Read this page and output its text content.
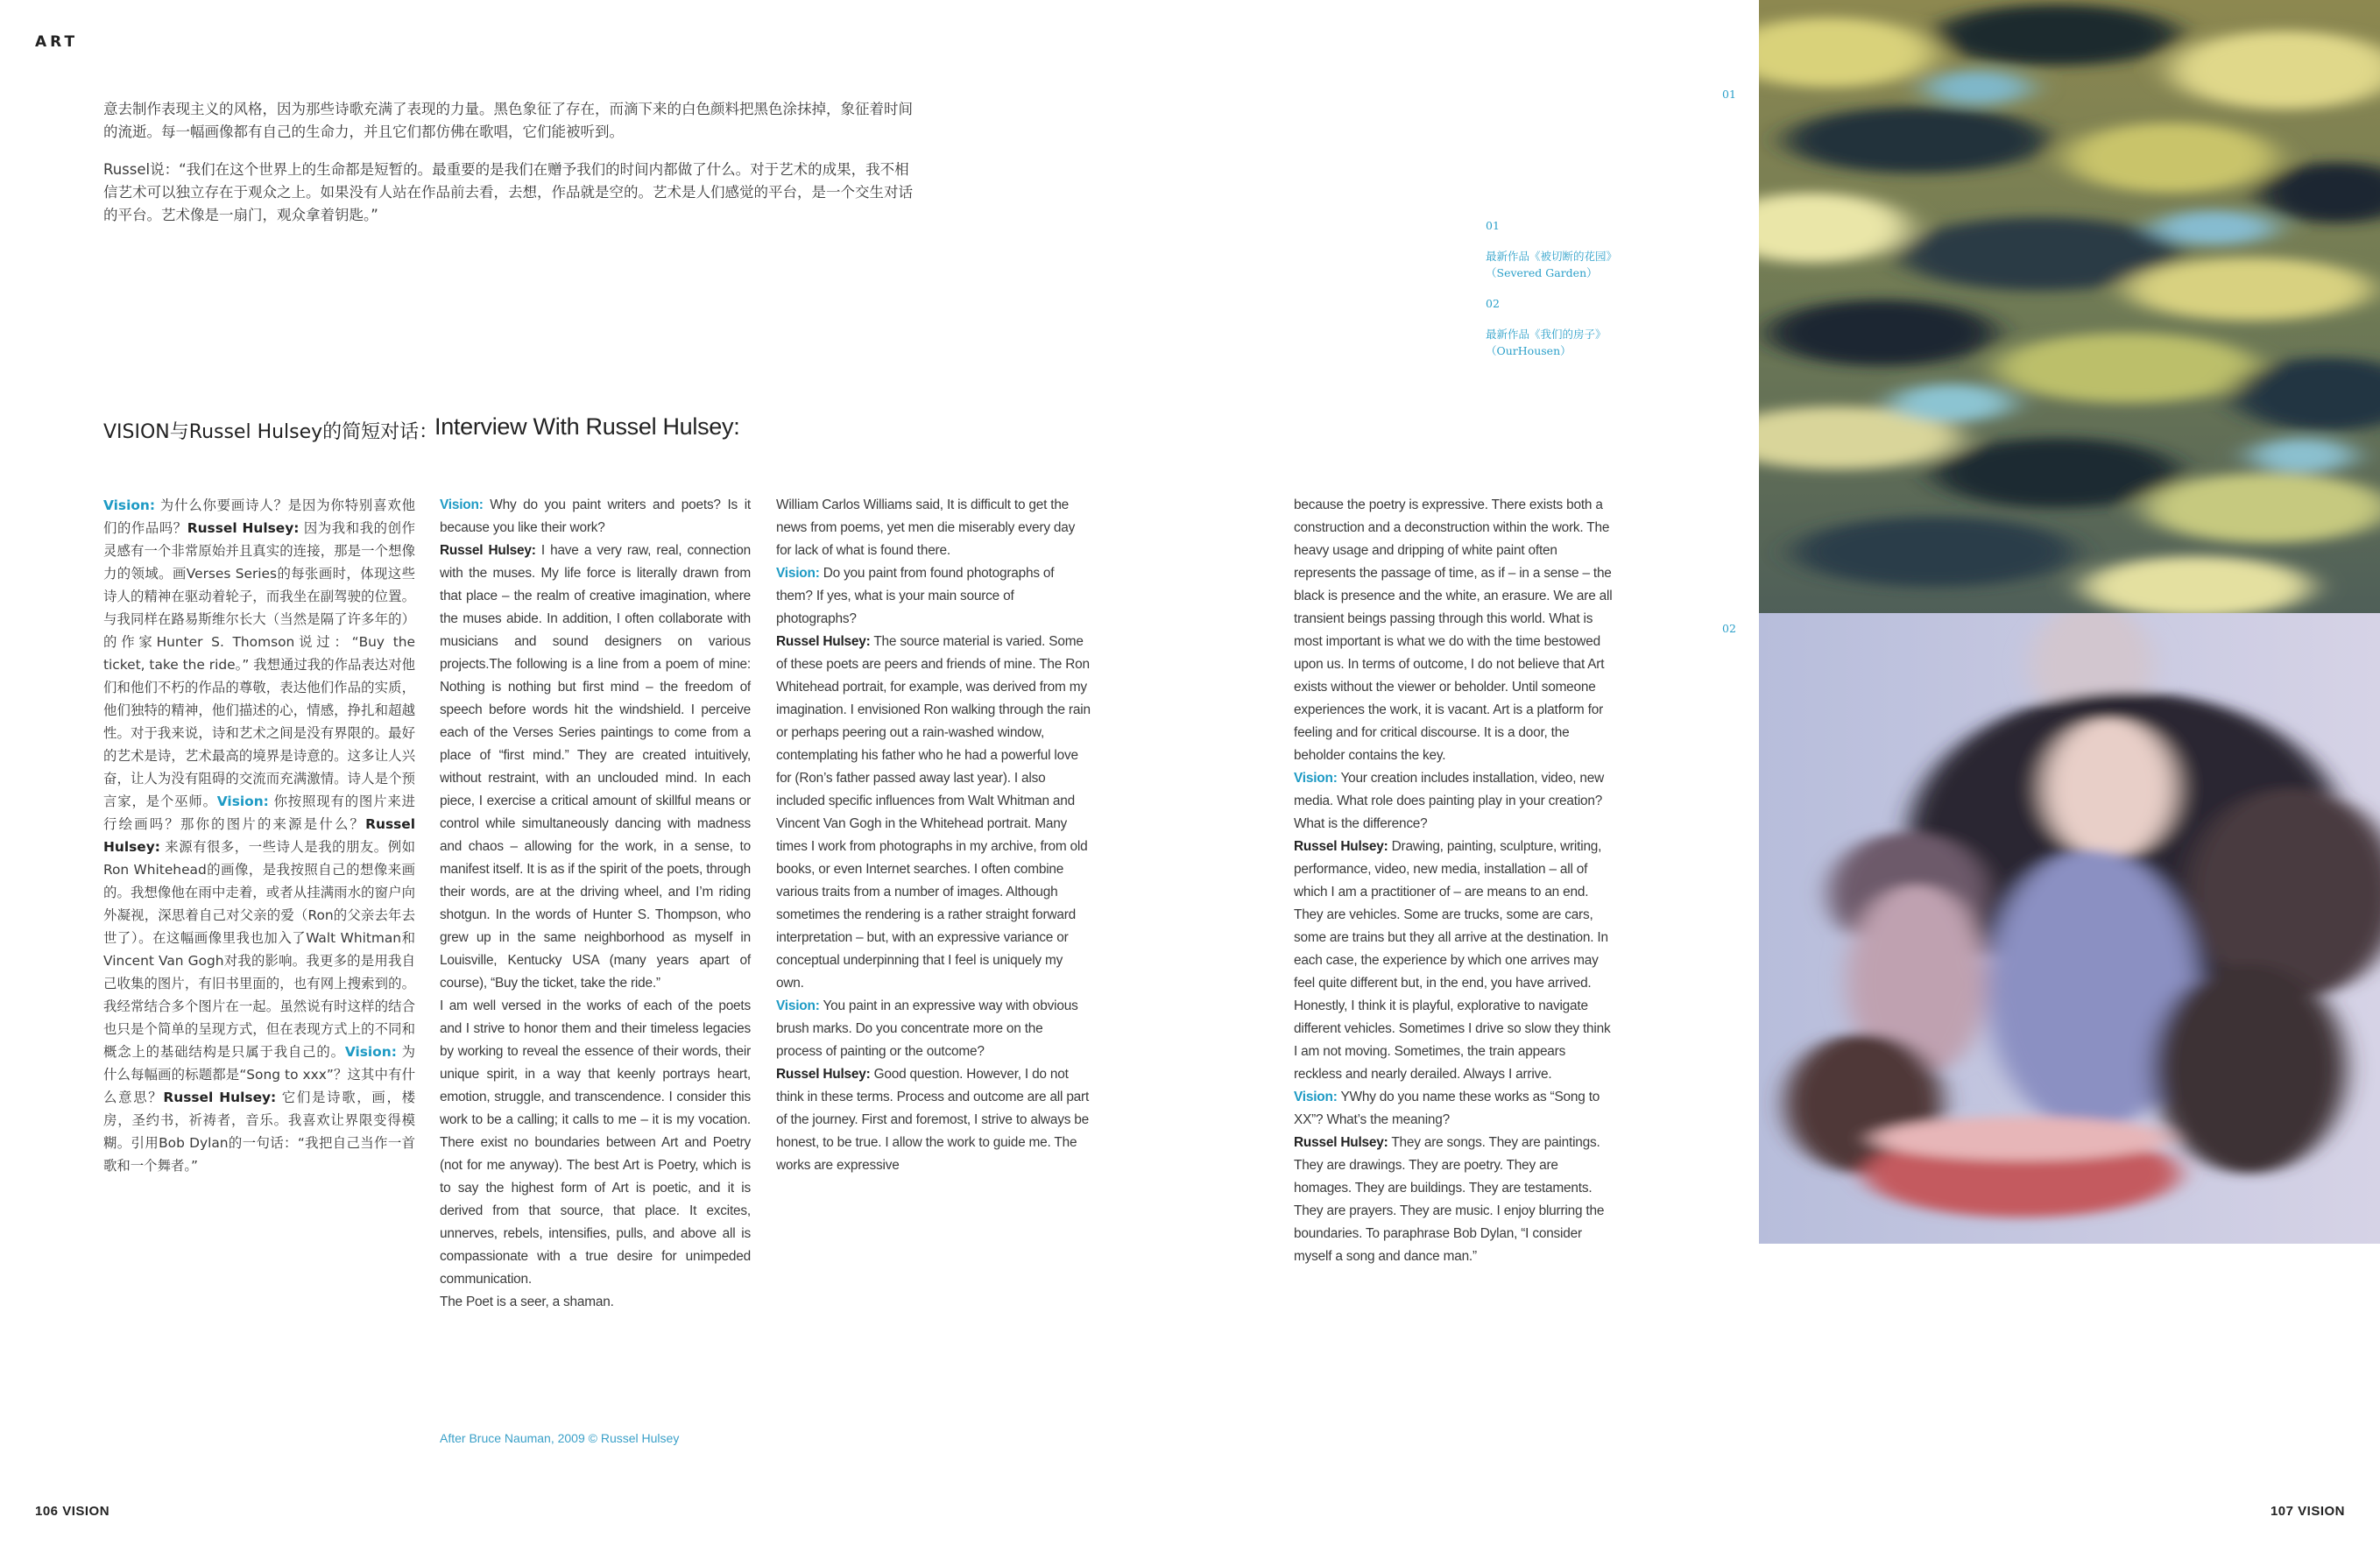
ART

意去制作表现主义的风格，因为那些诗歌充满了表现的力量。黑色象征了存在，而滴下来的白色颜料把黑色涂抹掉，象征着时间的流逝。每一幅画像都有自己的生命力，并且它们都仿佛在歌唱，它们能被听到。

Russel说：“我们在这个世界上的生命都是短暂的。最重要的是我们在赠予我们的时间内都做了什么。对于艺术的成果，我不相信艺术可以独立存在于观众之上。如果没有人站在作品前去看，去想，作品就是空的。艺术是人们感觉的平台，是一个交生对话的平台。艺术像是一扇门，观众拿着钥匙。”

VISION与Russel Hulsey的简短对话：
Interview With Russel Hulsey:

Vision: 为什么你要画诗人？是因为你特别喜欢他们的作品吗？Russel Hulsey: 因为我和我的创作灵感有一个非常原始并且真实的连接，那是一个想像力的领域。画Verses Series的每张画时，体现这些诗人的精神在驱动着轮子，而我坐在副驾驶的位置。与我同样在路易斯维尔长大（当然是隔了许多年的）的作家Hunter S. Thomson说过：“Buy the ticket, take the ride。” 我想通过我的作品表达对他们和他们不朽的作品的尊敬，表达他们作品的实质，他们独特的精神，他们描述的心，情感，挣扎和超越性。对于我来说，诗和艺术之间是没有界限的。最好的艺术是诗，艺术最高的境界是诗意的。这多让人兴奋，让人为没有阻碍的交流而充满激情。诗人是个预言家，是个巫师。Vision: 你按照现有的图片来进行绘画吗？那你的图片的来源是什么？Russel Hulsey: 来源有很多，一些诗人是我的朋友。例如Ron Whitehead的画像，是我按照自己的想像来画的。我想像他在雨中走着，或者从挂满雨水的窗户向外凝视，深思着自己对父亲的爱（Ron的父亲去年去世了）。在这幅画像里我也加入了Walt Whitman和Vincent Van Gogh对我的影响。我更多的是用我自己收集的图片，有旧书里面的，也有网上搜索到的。我经常结合多个图片在一起。虽然说有时这样的结合也只是个简单的呈现方式，但在表现方式上的不同和概念上的基础结构是只属于我自己的。Vision: 为什么每幅画的标题都是“Song to xxx”？这其中有什么意思？Russel Hulsey: 它们是诗歌，画，楼房，圣约书，祈祷者，音乐。我喜欢让界限变得模糊。引用Bob Dylan的一句话：“我把自己当作一首歌和一个舞者。”

Vision: Why do you paint writers and poets? Is it because you like their work?
Russel Hulsey: I have a very raw, real, connection with the muses. My life force is literally drawn from that place – the realm of creative imagination, where the muses abide. In addition, I often collaborate with musicians and sound designers on various projects.The following is a line from a poem of mine: Nothing is nothing but first mind – the freedom of speech before words hit the windshield. I perceive each of the Verses Series paintings to come from a place of “first mind.” They are created intuitively, without restraint, with an unclouded mind. In each piece, I exercise a critical amount of skillful means or control while simultaneously dancing with madness and chaos – allowing for the work, in a sense, to manifest itself. It is as if the spirit of the poets, through their words, are at the driving wheel, and I’m riding shotgun. In the words of Hunter S. Thompson, who grew up in the same neighborhood as myself in Louisville, Kentucky USA (many years apart of course), “Buy the ticket, take the ride.”

I am well versed in the works of each of the poets and I strive to honor them and their timeless legacies by working to reveal the essence of their words, their unique spirit, in a way that keenly portrays heart, emotion, struggle, and transcendence. I consider this work to be a calling; it calls to me – it is my vocation. There exist no boundaries between Art and Poetry (not for me anyway). The best Art is Poetry, which is to say the highest form of Art is poetic, and it is derived from that source, that place. It excites, unnerves, rebels, intensifies, pulls, and above all is compassionate with a true desire for unimpeded communication.

The Poet is a seer, a shaman.

William Carlos Williams said, It is difficult to get the news from poems, yet men die miserably every day for lack of what is found there.

Vision: Do you paint from found photographs of them? If yes, what is your main source of photographs?
Russel Hulsey: The source material is varied. Some of these poets are peers and friends of mine. The Ron Whitehead portrait, for example, was derived from my imagination. I envisioned Ron walking through the rain or perhaps peering out a rain-washed window, contemplating his father who he had a powerful love for (Ron’s father passed away last year). I also included specific influences from Walt Whitman and Vincent Van Gogh in the Whitehead portrait. Many times I work from photographs in my archive, from old books, or even Internet searches. I often combine various traits from a number of images. Although sometimes the rendering is a rather straight forward interpretation – but, with an expressive variance or conceptual underpinning that I feel is uniquely my own.
Vision: You paint in an expressive way with obvious brush marks. Do you concentrate more on the process of painting or the outcome?
Russel Hulsey: Good question. However, I do not think in these terms. Process and outcome are all part of the journey. First and foremost, I strive to always be honest, to be true. I allow the work to guide me. The works are expressive

because the poetry is expressive. There exists both a construction and a deconstruction within the work. The heavy usage and dripping of white paint often represents the passage of time, as if – in a sense – the black is presence and the white, an erasure. We are all transient beings passing through this world. What is most important is what we do with the time bestowed upon us. In terms of outcome, I do not believe that Art exists without the viewer or beholder. Until someone experiences the work, it is vacant. Art is a platform for feeling and for critical discourse. It is a door, the beholder contains the key.

Vision: Your creation includes installation, video, new media. What role does painting play in your creation? What is the difference?
Russel Hulsey: Drawing, painting, sculpture, writing, performance, video, new media, installation – all of which I am a practitioner of – are means to an end. They are vehicles. Some are trucks, some are cars, some are trains but they all arrive at the destination. In each case, the experience by which one arrives may feel quite different but, in the end, you have arrived. Honestly, I think it is playful, explorative to navigate different vehicles. Sometimes I drive so slow they think I am not moving. Sometimes, the train appears reckless and nearly derailed. Always I arrive.
Vision: YWhy do you name these works as “Song to XX”? What’s the meaning?
Russel Hulsey: They are songs. They are paintings. They are drawings. They are poetry. They are homages. They are buildings. They are testaments. They are prayers. They are music. I enjoy blurring the boundaries. To paraphrase Bob Dylan, “I consider myself a song and dance man.”

After Bruce Nauman, 2009 © Russel Hulsey
01
最新作品《被切断的花园》
（Severed Garden）
02
最新作品《我们的房子》
（OurHousen）
01
02
106 VISION	107 VISION
